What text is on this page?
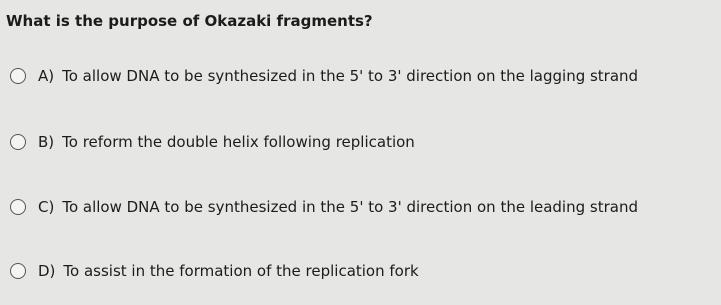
What is the purpose of Okazaki fragments?
A) To allow DNA to be synthesized in the 5' to 3' direction on the lagging strand
B) To reform the double helix following replication
C) To allow DNA to be synthesized in the 5' to 3' direction on the leading strand
D) To assist in the formation of the replication fork
